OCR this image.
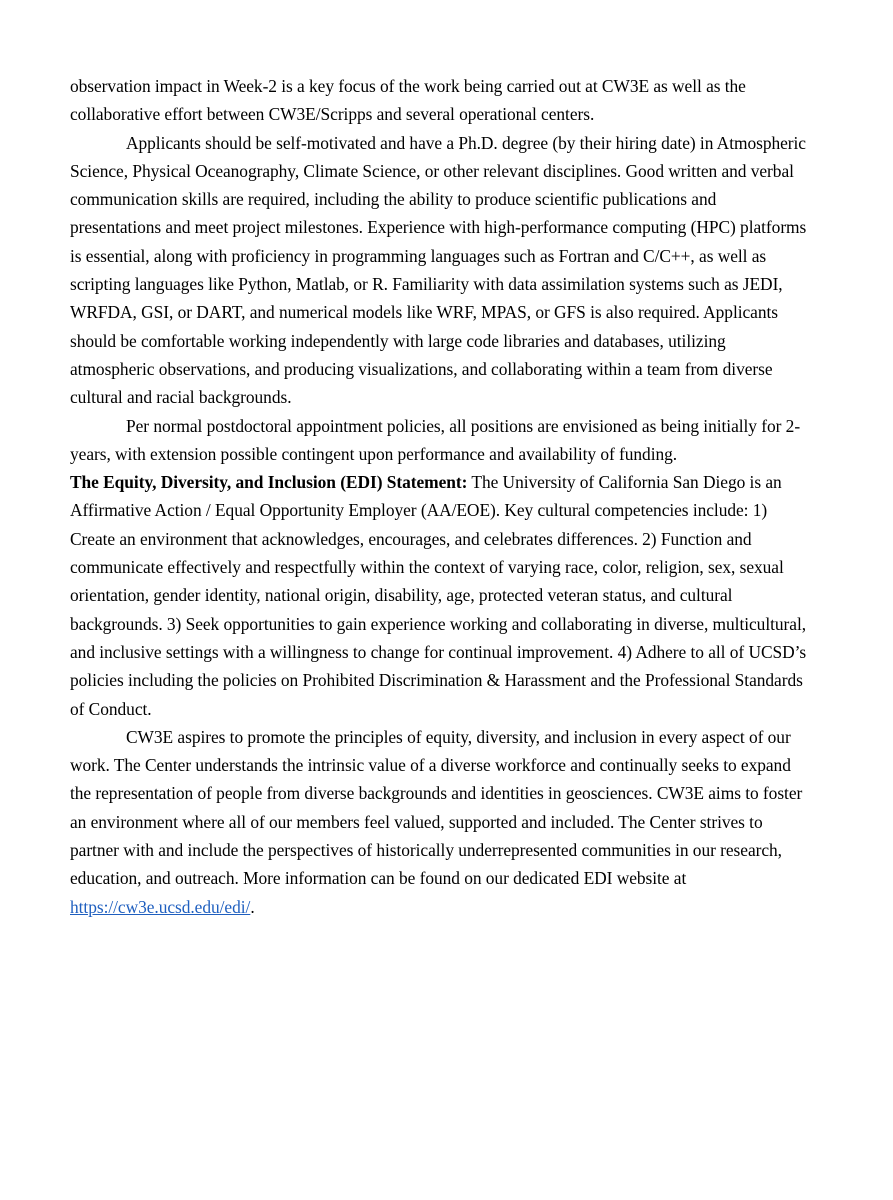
observation impact in Week-2 is a key focus of the work being carried out at CW3E as well as the collaborative effort between CW3E/Scripps and several operational centers.

Applicants should be self-motivated and have a Ph.D. degree (by their hiring date) in Atmospheric Science, Physical Oceanography, Climate Science, or other relevant disciplines. Good written and verbal communication skills are required, including the ability to produce scientific publications and presentations and meet project milestones. Experience with high-performance computing (HPC) platforms is essential, along with proficiency in programming languages such as Fortran and C/C++, as well as scripting languages like Python, Matlab, or R. Familiarity with data assimilation systems such as JEDI, WRFDA, GSI, or DART, and numerical models like WRF, MPAS, or GFS is also required. Applicants should be comfortable working independently with large code libraries and databases, utilizing atmospheric observations, and producing visualizations, and collaborating within a team from diverse cultural and racial backgrounds.

Per normal postdoctoral appointment policies, all positions are envisioned as being initially for 2-years, with extension possible contingent upon performance and availability of funding.

The Equity, Diversity, and Inclusion (EDI) Statement: The University of California San Diego is an Affirmative Action / Equal Opportunity Employer (AA/EOE). Key cultural competencies include: 1) Create an environment that acknowledges, encourages, and celebrates differences. 2) Function and communicate effectively and respectfully within the context of varying race, color, religion, sex, sexual orientation, gender identity, national origin, disability, age, protected veteran status, and cultural backgrounds. 3) Seek opportunities to gain experience working and collaborating in diverse, multicultural, and inclusive settings with a willingness to change for continual improvement. 4) Adhere to all of UCSD’s policies including the policies on Prohibited Discrimination & Harassment and the Professional Standards of Conduct.

CW3E aspires to promote the principles of equity, diversity, and inclusion in every aspect of our work. The Center understands the intrinsic value of a diverse workforce and continually seeks to expand the representation of people from diverse backgrounds and identities in geosciences. CW3E aims to foster an environment where all of our members feel valued, supported and included. The Center strives to partner with and include the perspectives of historically underrepresented communities in our research, education, and outreach. More information can be found on our dedicated EDI website at https://cw3e.ucsd.edu/edi/.
